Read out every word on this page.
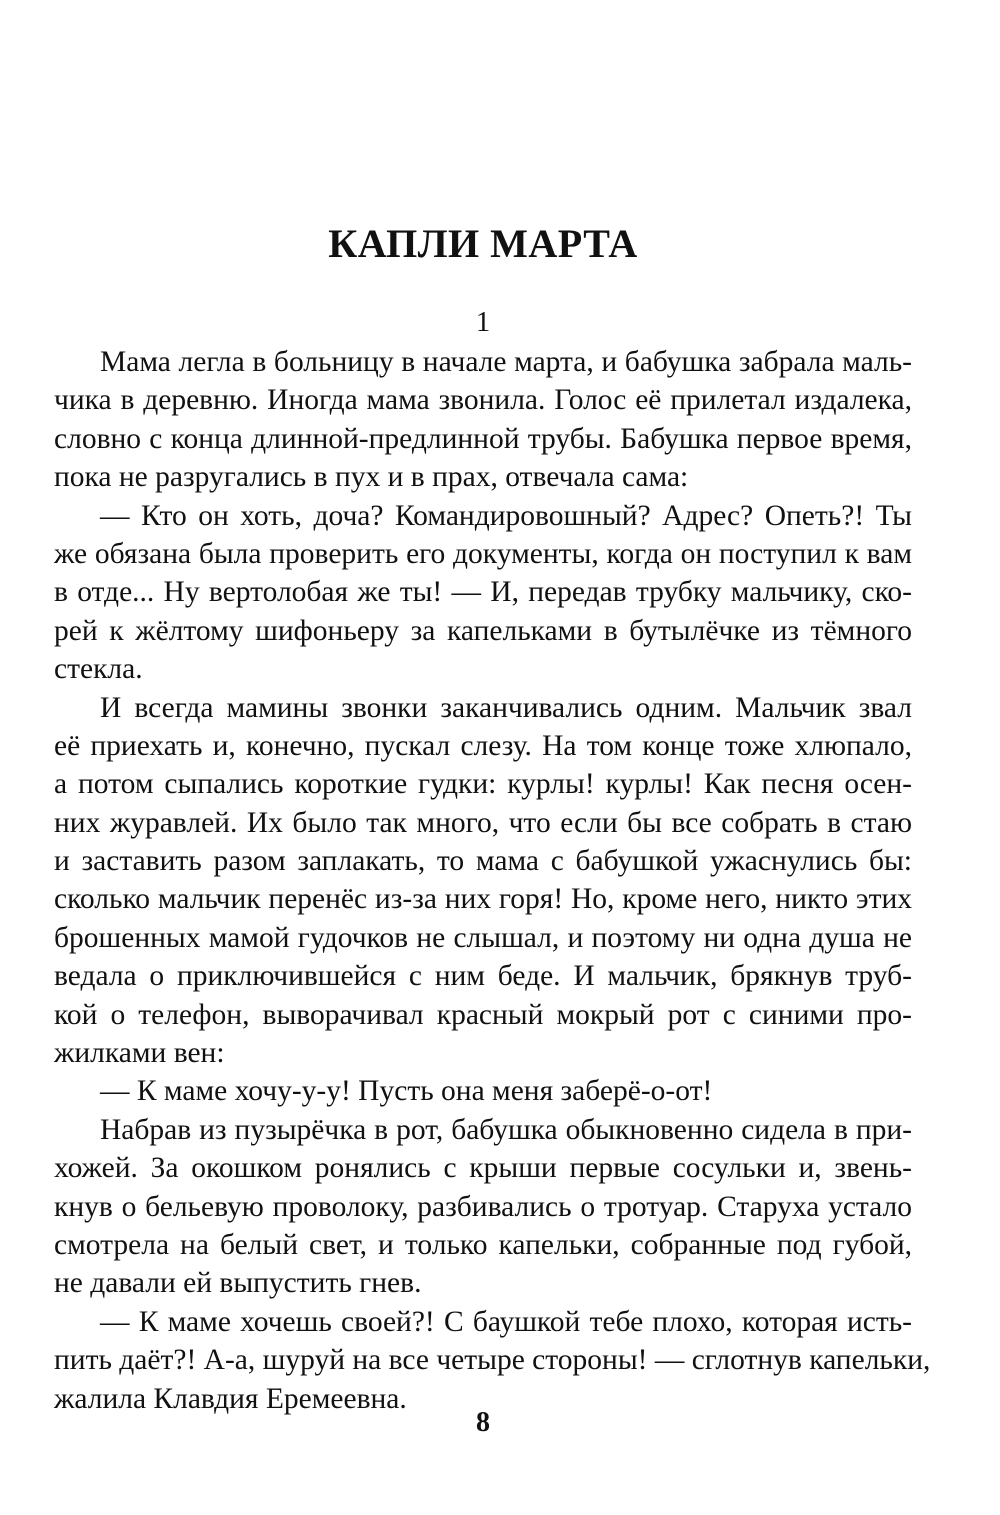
КАПЛИ МАРТА
1
Мама легла в больницу в начале марта, и бабушка забрала маль-
чика в деревню. Иногда мама звонила. Голос её прилетал издалека,
словно с конца длинной-предлинной трубы. Бабушка первое время,
пока не разругались в пух и в прах, отвечала сама:
— Кто он хоть, доча? Командировошный? Адрес? Опеть?! Ты
же обязана была проверить его документы, когда он поступил к вам
в отде... Ну вертолобая же ты! — И, передав трубку мальчику, ско-
рей к жёлтому шифоньеру за капельками в бутылёчке из тёмного
стекла.
И всегда мамины звонки заканчивались одним. Мальчик звал
её приехать и, конечно, пускал слезу. На том конце тоже хлюпало,
а потом сыпались короткие гудки: курлы! курлы! Как песня осен-
них журавлей. Их было так много, что если бы все собрать в стаю
и заставить разом заплакать, то мама с бабушкой ужаснулись бы:
сколько мальчик перенёс из-за них горя! Но, кроме него, никто этих
брошенных мамой гудочков не слышал, и поэтому ни одна душа не
ведала о приключившейся с ним беде. И мальчик, брякнув труб-
кой о телефон, выворачивал красный мокрый рот с синими про-
жилками вен:
— К маме хочу-у-у! Пусть она меня заберё-о-от!
Набрав из пузырёчка в рот, бабушка обыкновенно сидела в при-
хожей. За окошком ронялись с крыши первые сосульки и, звень-
кнув о бельевую проволоку, разбивались о тротуар. Старуха устало
смотрела на белый свет, и только капельки, собранные под губой,
не давали ей выпустить гнев.
— К маме хочешь своей?! С баушкой тебе плохо, которая исть-
пить даёт?! А-а, шуруй на все четыре стороны! — сглотнув капельки,
жалила Клавдия Еремеевна.
8
